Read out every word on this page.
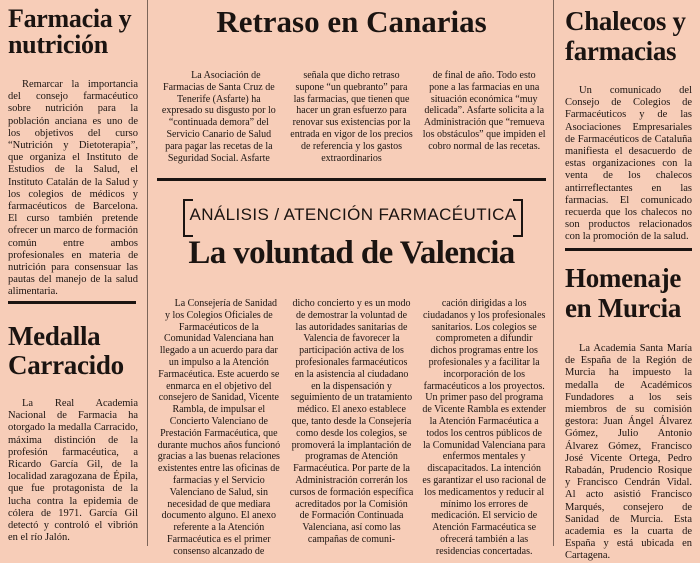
Farmacia y
nutrición

Remarcar la importancia del consejo farmacéutico sobre nutrición para la población anciana es uno de los objetivos del curso “Nutrición y Dietoterapia”, que organiza el Instituto de Estudios de la Salud, el Instituto Catalán de la Salud y los colegios de médicos y farmacéuticos de Barcelona. El curso también pretende ofrecer un marco de formación común entre ambos profesionales en materia de nutrición para consensuar las pautas del manejo de la salud alimentaria.

Medalla
Carracido

La Real Academia Nacional de Farmacia ha otorgado la medalla Carracido, máxima distinción de la profesión farmacéutica, a Ricardo García Gil, de la localidad zaragozana de Épila, que fue protagonista de la lucha contra la epidemia de cólera de 1971. García Gil detectó y controló el vibrión en el río Jalón.

Retraso en Canarias

La Asociación de Farmacias de Santa Cruz de Tenerife (Asfarte) ha expresado su disgusto por lo “continuada demora” del Servicio Canario de Salud para pagar las recetas de la Seguridad Social. Asfarte

señala que dicho retraso supone “un quebranto” para las farmacias, que tienen que hacer un gran esfuerzo para renovar sus existencias por la entrada en vigor de los precios de referencia y los gastos extraordinarios

de final de año. Todo esto pone a las farmacias en una situación económica “muy delicada”. Asfarte solicita a la Administración que “remueva los obstáculos” que impiden el cobro normal de las recetas.

ANÁLISIS / ATENCIÓN FARMACÉUTICA
La voluntad de Valencia

La Consejería de Sanidad y los Colegios Oficiales de Farmacéuticos de la Comunidad Valenciana han llegado a un acuerdo para dar un impulso a la Atención Farmacéutica. Este acuerdo se enmarca en el objetivo del consejero de Sanidad, Vicente Rambla, de impulsar el Concierto Valenciano de Prestación Farmacéutica, que durante muchos años funcionó gracias a las buenas relaciones existentes entre las oficinas de farmacias y el Servicio Valenciano de Salud, sin necesidad de que mediara documento alguno. El anexo referente a la Atención Farmacéutica es el primer consenso alcanzado de

dicho concierto y es un modo de demostrar la voluntad de las autoridades sanitarias de Valencia de favorecer la participación activa de los profesionales farmacéuticos en la asistencia al ciudadano en la dispensación y seguimiento de un tratamiento médico. El anexo establece que, tanto desde la Consejería como desde los colegios, se promoverá la implantación de programas de Atención Farmacéutica. Por parte de la Administración correrán los cursos de formación específica acreditados por la Comisión de Formación Continuada Valenciana, así como las campañas de comuni-

cación dirigidas a los ciudadanos y los profesionales sanitarios. Los colegios se comprometen a difundir dichos programas entre los profesionales y a facilitar la incorporación de los farmacéuticos a los proyectos. Un primer paso del programa de Vicente Rambla es extender la Atención Farmacéutica a todos los centros públicos de la Comunidad Valenciana para enfermos mentales y discapacitados. La intención es garantizar el uso racional de los medicamentos y reducir al mínimo los errores de medicación. El servicio de Atención Farmacéutica se ofrecerá también a las residencias concertadas.

Chalecos y
farmacias

Un comunicado del Consejo de Colegios de Farmacéuticos y de las Asociaciones Empresariales de Farmacéuticos de Cataluña manifiesta el desacuerdo de estas organizaciones con la venta de los chalecos antirreflectantes en las farmacias. El comunicado recuerda que los chalecos no son productos relacionados con la promoción de la salud.

Homenaje
en Murcia

La Academia Santa María de España de la Región de Murcia ha impuesto la medalla de Académicos Fundadores a los seis miembros de su comisión gestora: Juan Ángel Álvarez Gómez, Julio Antonio Álvarez Gómez, Francisco José Vicente Ortega, Pedro Rabadán, Prudencio Rosique y Francisco Cendrán Vidal. Al acto asistió Francisco Marqués, consejero de Sanidad de Murcia. Esta academia es la cuarta de España y está ubicada en Cartagena.
